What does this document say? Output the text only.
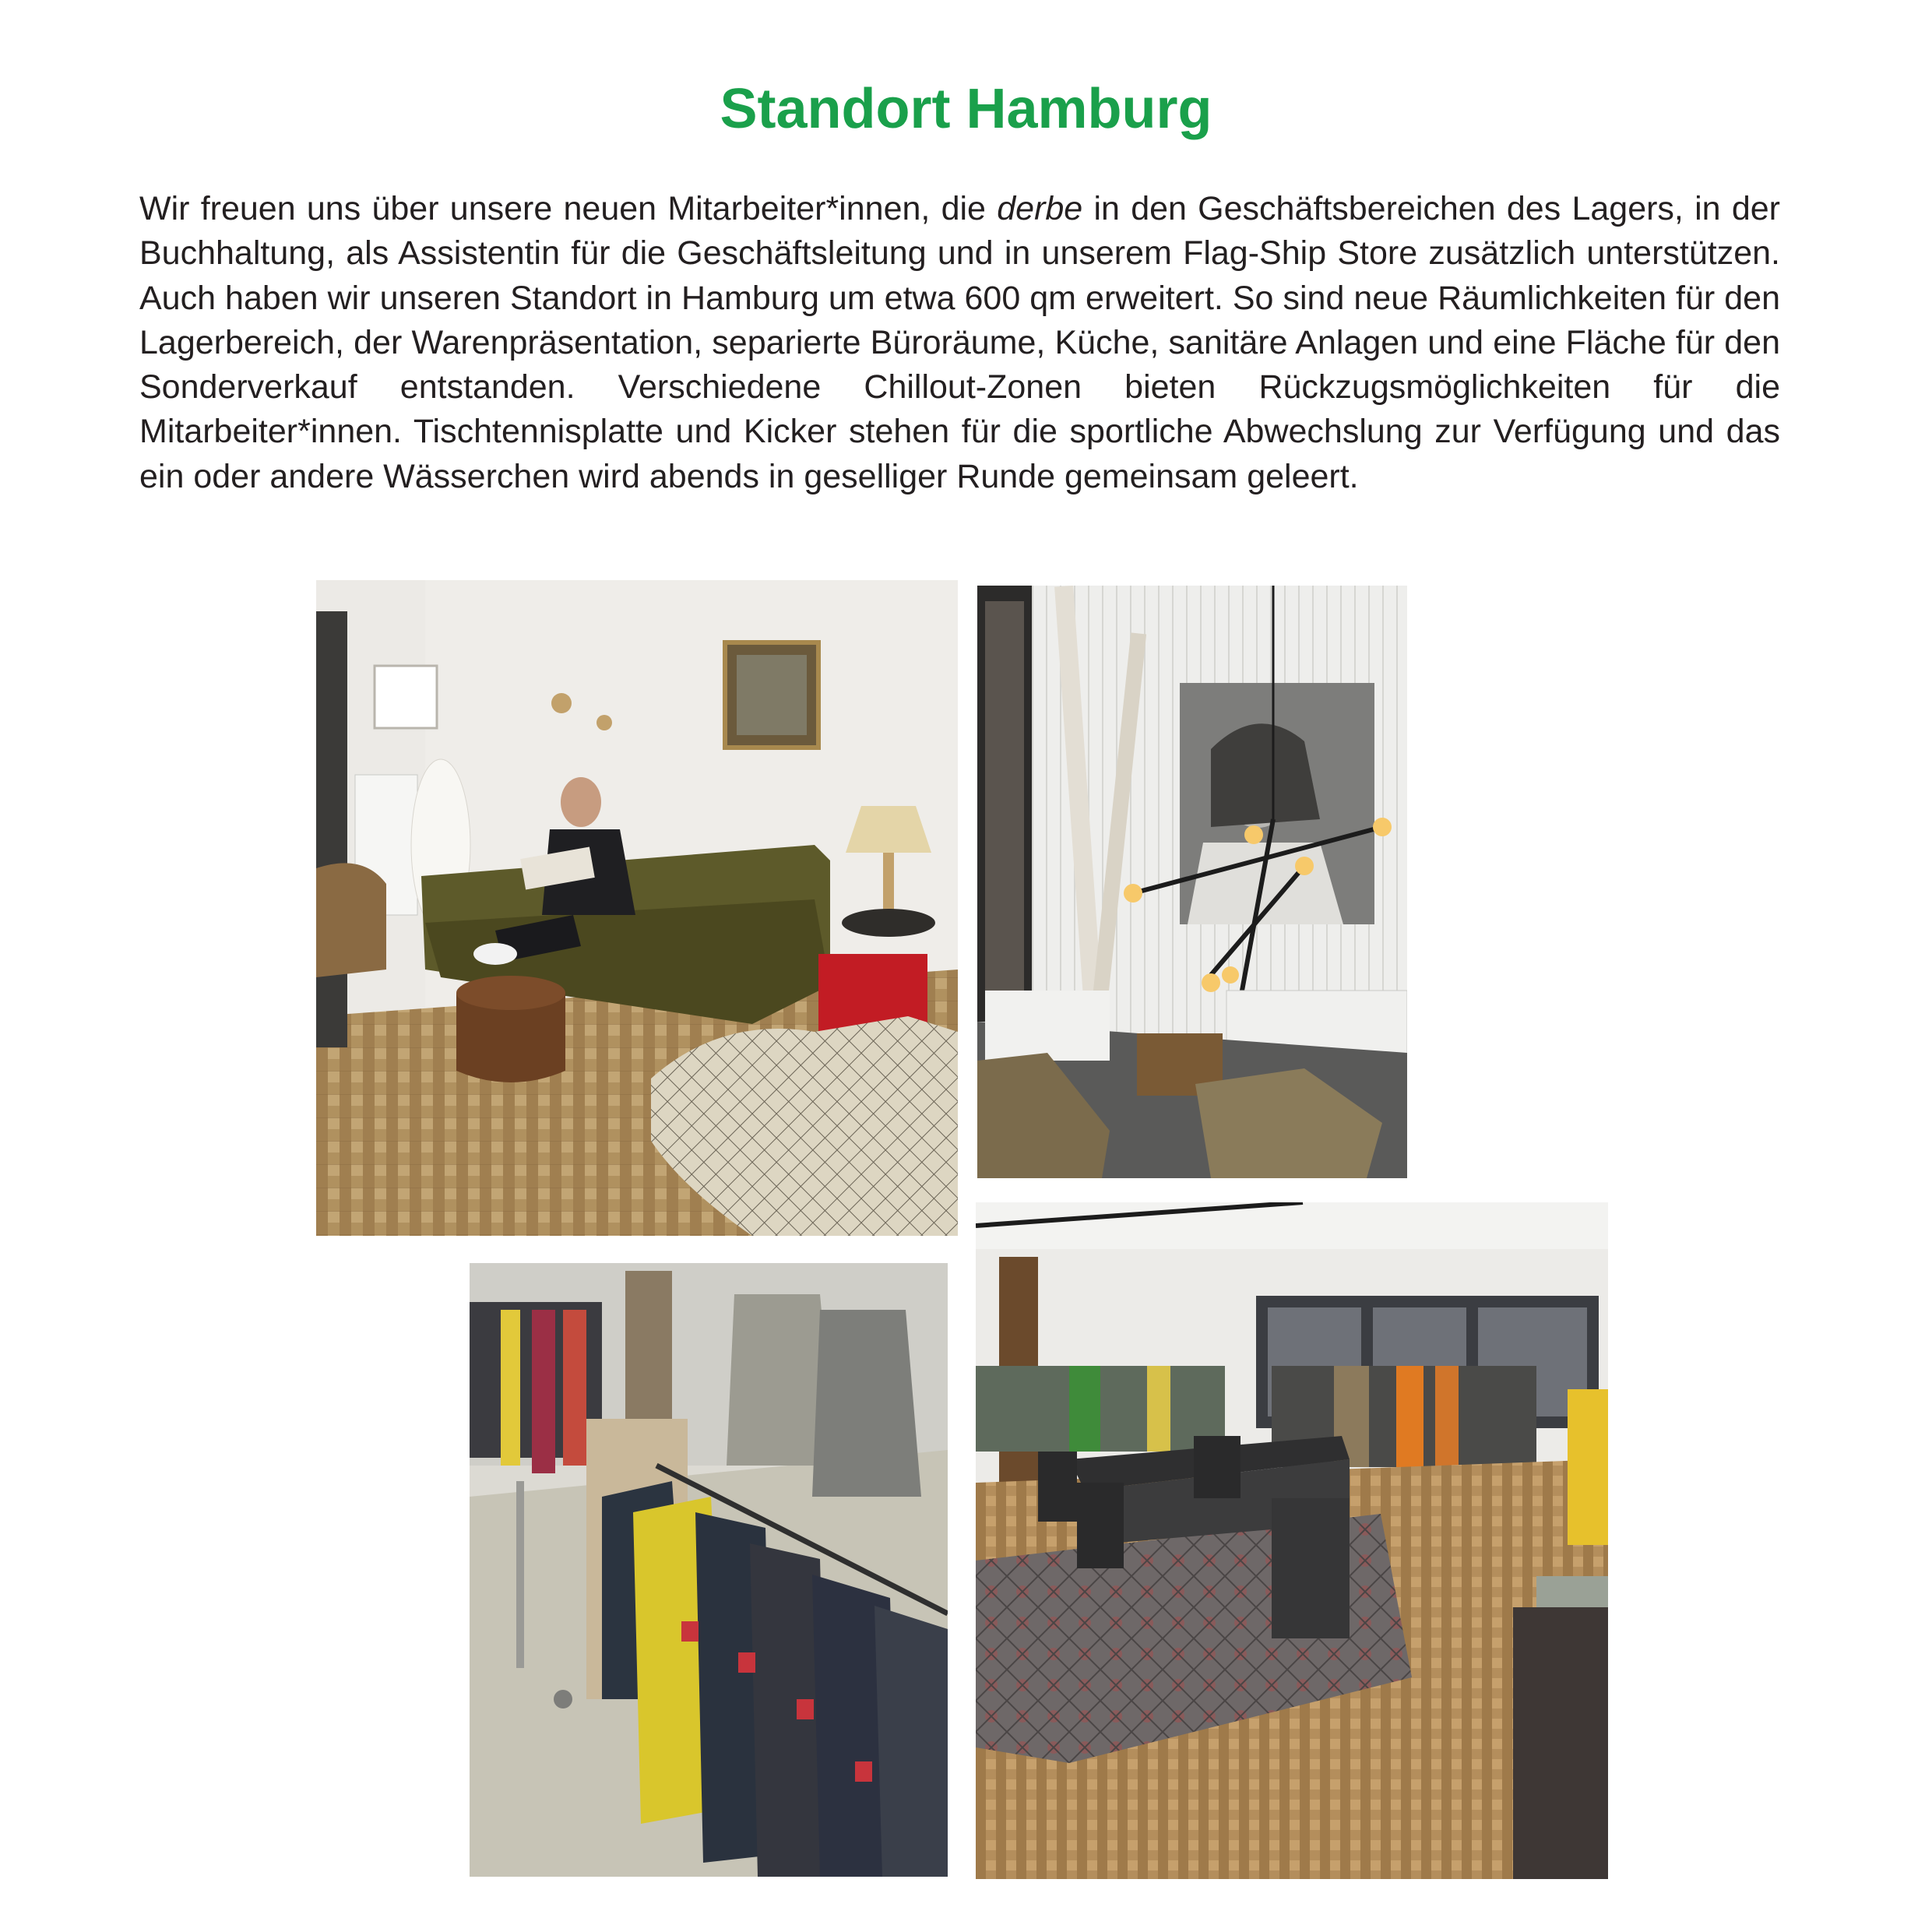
Standort Hamburg

Wir freuen uns über unsere neuen Mitarbeiter*innen, die derbe in den Geschäftsbereichen des Lagers, in der Buchhaltung, als Assistentin für die Geschäftsleitung und in unserem Flag-Ship Store zusätzlich unterstützen. Auch haben wir unseren Standort in Hamburg um etwa 600 qm erweitert. So sind neue Räumlichkeiten für den Lagerbereich, der Warenpräsentation, separierte Büroräume, Küche, sanitäre Anlagen und eine Fläche für den Sonderverkauf entstanden. Verschiedene Chillout-Zonen bieten Rückzugsmöglichkeiten für die Mitarbeiter*innen. Tischtennisplatte und Kicker stehen für die sportliche Abwechslung zur Verfügung und das ein oder andere Wässerchen wird abends in geselliger Runde gemeinsam geleert.
